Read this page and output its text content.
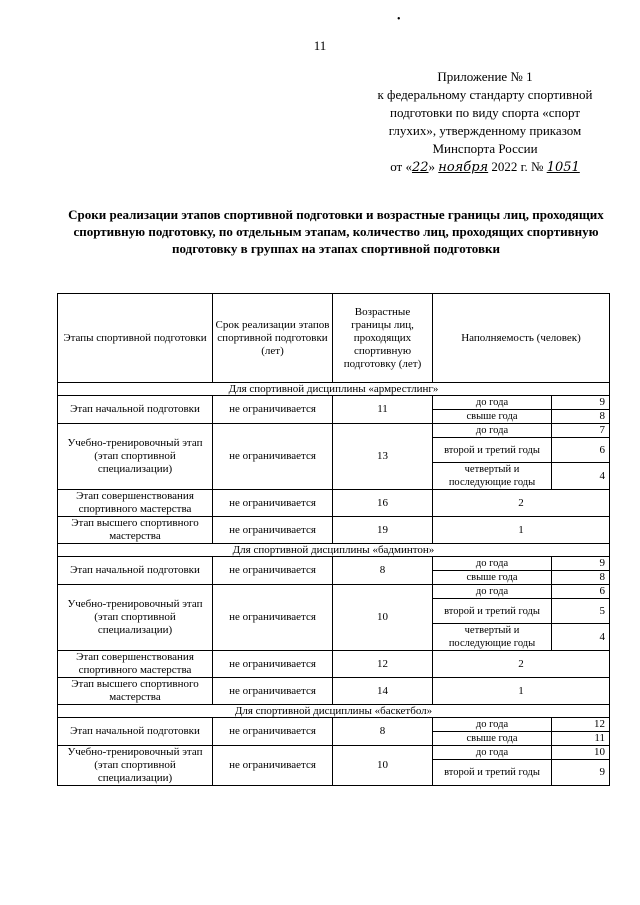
•
11
Приложение № 1
к федеральному стандарту спортивной
подготовки по виду спорта «спорт
глухих», утвержденному приказом
Минспорта России
от «22» ноября 2022 г. № 1051
Сроки реализации этапов спортивной подготовки и возрастные границы лиц, проходящих спортивную подготовку, по отдельным этапам, количество лиц, проходящих спортивную подготовку в группах на этапах спортивной подготовки
Этапы спортивной подготовки	Срок реализации этапов спортивной подготовки (лет)	Возрастные границы лиц, проходящих спортивную подготовку (лет)	Наполняемость (человек)	
Для спортивной дисциплины «армрестлинг»				
Этап начальной подготовки	не ограничивается	11	до года	9
			свыше года	8
Учебно-тренировочный этап (этап спортивной специализации)	не ограничивается	13	до года	7
			второй и третий годы	6
			четвертый и последующие годы	4
Этап совершенствования спортивного мастерства	не ограничивается	16	2	
Этап высшего спортивного мастерства	не ограничивается	19	1	
Для спортивной дисциплины «бадминтон»				
Этап начальной подготовки	не ограничивается	8	до года	9
			свыше года	8
Учебно-тренировочный этап (этап спортивной специализации)	не ограничивается	10	до года	6
			второй и третий годы	5
			четвертый и последующие годы	4
Этап совершенствования спортивного мастерства	не ограничивается	12	2	
Этап высшего спортивного мастерства	не ограничивается	14	1	
Для спортивной дисциплины «баскетбол»				
Этап начальной подготовки	не ограничивается	8	до года	12
			свыше года	11
Учебно-тренировочный этап (этап спортивной специализации)	не ограничивается	10	до года	10
			второй и третий годы	9
